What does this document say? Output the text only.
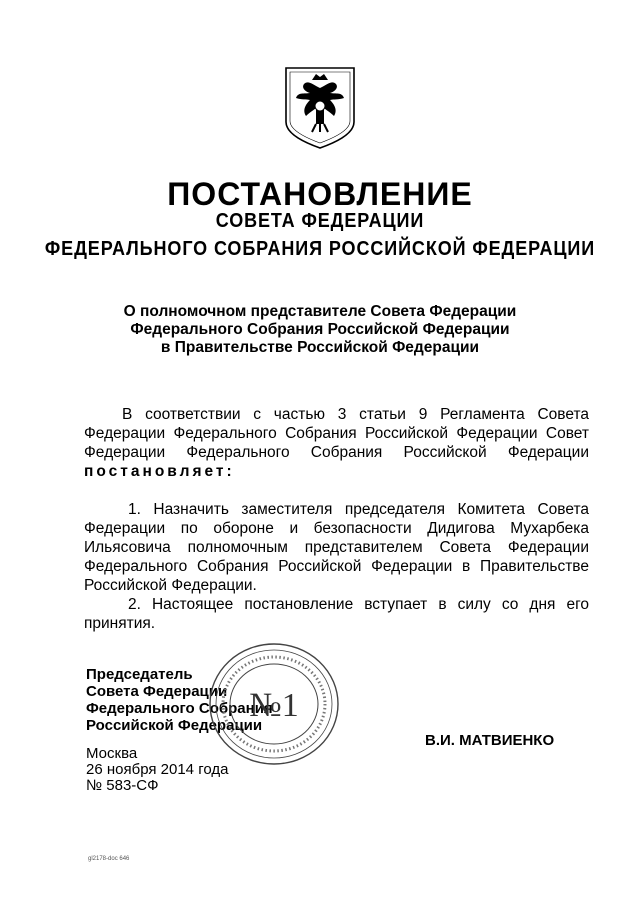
ПОСТАНОВЛЕНИЕ
СОВЕТА ФЕДЕРАЦИИ
ФЕДЕРАЛЬНОГО СОБРАНИЯ РОССИЙСКОЙ ФЕДЕРАЦИИ
О полномочном представителе Совета Федерации
Федерального Собрания Российской Федерации
в Правительстве Российской Федерации
В соответствии с частью 3 статьи 9 Регламента Совета Федерации Федерального Собрания Российской Федерации Совет Федерации Федерального Собрания Российской Федерации постановляет:
1. Назначить заместителя председателя Комитета Совета Федерации по обороне и безопасности Дидигова Мухарбека Ильясовича полномочным представителем Совета Федерации Федерального Собрания Российской Федерации в Правительстве Российской Федерации.
2. Настоящее постановление вступает в силу со дня его принятия.
Председатель
Совета Федерации
Федерального Собрания
Российской Федерации
№1
В.И. МАТВИЕНКО
Москва
26 ноября 2014 года
№ 583-СФ
gl2178-doc 646
